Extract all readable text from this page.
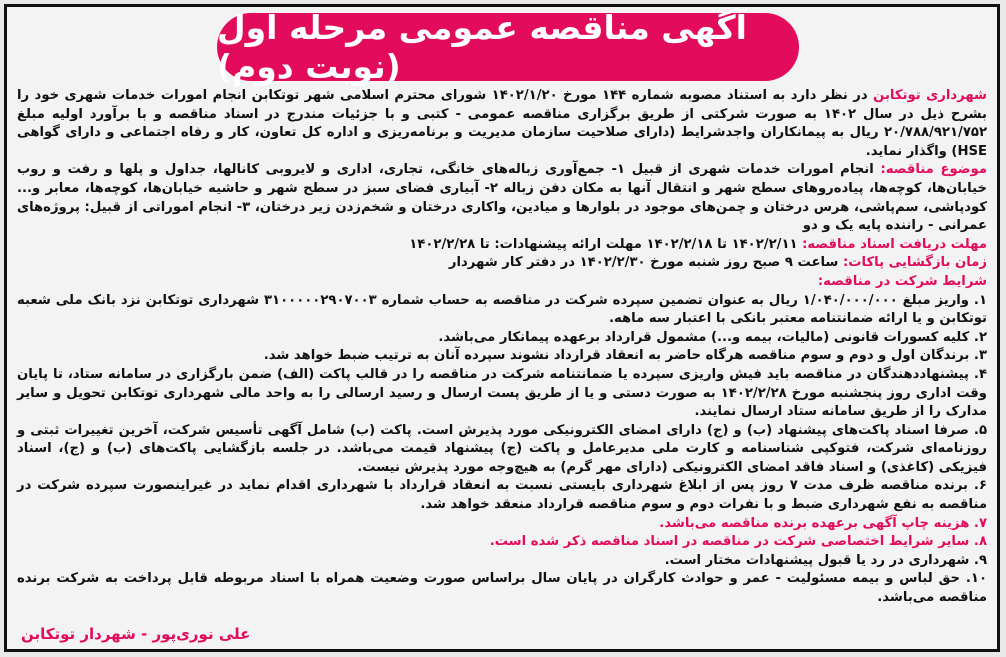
آگهی مناقصه عمومی مرحله اول (نوبت دوم)

شهرداری توتکابن در نظر دارد به استناد مصوبه شماره ۱۴۴ مورخ ۱۴۰۲/۱/۲۰ شورای محترم اسلامی شهر توتکابن انجام امورات خدمات شهری خود را بشرح ذیل در سال ۱۴۰۲ به صورت شرکتی از طریق برگزاری مناقصه عمومی - کتبی و با جزئیات مندرج در اسناد مناقصه و با برآورد اولیه مبلغ ۲۰/۷۸۸/۹۲۱/۷۵۲ ریال به پیمانکاران واجدشرایط (دارای صلاحیت سازمان مدیریت و برنامه‌ریزی و اداره کل تعاون، کار و رفاه اجتماعی و دارای گواهی HSE) واگذار نماید.

موضوع مناقصه: انجام امورات خدمات شهری از قبیل ۱- جمع‌آوری زباله‌های خانگی، تجاری، اداری و لایروبی کانالها، جداول و پلها و رفت و روب خیابان‌ها، کوچه‌ها، پیاده‌روهای سطح شهر و انتقال آنها به مکان دفن زباله ۲- آبیاری فضای سبز در سطح شهر و حاشیه خیابان‌ها، کوچه‌ها، معابر و... کودپاشی، سم‌پاشی، هرس درختان و چمن‌های موجود در بلوارها و میادین، واکاری درختان و شخم‌زدن زیر درختان، ۳- انجام اموراتی از قبیل: پروژه‌های عمرانی - راننده پایه یک و دو

مهلت دریافت اسناد مناقصه: ۱۴۰۲/۲/۱۱ تا ۱۴۰۲/۲/۱۸ مهلت ارائه پیشنهادات: تا ۱۴۰۲/۲/۲۸

زمان بازگشایی پاکات: ساعت ۹ صبح روز شنبه مورخ ۱۴۰۲/۲/۳۰ در دفتر کار شهردار

شرایط شرکت در مناقصه:

۱. واریز مبلغ ۱/۰۴۰/۰۰۰/۰۰۰ ریال به عنوان تضمین سپرده شرکت در مناقصه به حساب شماره ۳۱۰۰۰۰۰۲۹۰۷۰۰۳ شهرداری توتکابن نزد بانک ملی شعبه توتکابن و یا ارائه ضمانتنامه معتبر بانکی با اعتبار سه ماهه.

۲. کلیه کسورات قانونی (مالیات، بیمه و...) مشمول قرارداد برعهده پیمانکار می‌باشد.

۳. برندگان اول و دوم و سوم مناقصه هرگاه حاضر به انعقاد قرارداد نشوند سپرده آنان به ترتیب ضبط خواهد شد.

۴. پیشنهاددهندگان در مناقصه باید فیش واریزی سپرده یا ضمانتنامه شرکت در مناقصه را در قالب پاکت (الف) ضمن بارگزاری در سامانه ستاد، تا پایان وقت اداری روز پنجشنبه مورخ ۱۴۰۲/۲/۲۸ به صورت دستی و یا از طریق پست ارسال و رسید ارسالی را به واحد مالی شهرداری توتکابن تحویل و سایر مدارک را از طریق سامانه ستاد ارسال نمایند.

۵. صرفا اسناد پاکت‌های پیشنهاد (ب) و (ج) دارای امضای الکترونیکی مورد پذیرش است. پاکت (ب) شامل آگهی تأسیس شرکت، آخرین تغییرات ثبتی و روزنامه‌ای شرکت، فتوکپی شناسنامه و کارت ملی مدیرعامل و پاکت (ج) پیشنهاد قیمت می‌باشد. در جلسه بازگشایی پاکت‌های (ب) و (ج)، اسناد فیزیکی (کاغذی) و اسناد فاقد امضای الکترونیکی (دارای مهر گرم) به هیچ‌وجه مورد پذیرش نیست.

۶. برنده مناقصه ظرف مدت ۷ روز پس از ابلاغ شهرداری بایستی نسبت به انعقاد قرارداد با شهرداری اقدام نماید در غیراینصورت سپرده شرکت در مناقصه به نفع شهرداری ضبط و با نفرات دوم و سوم مناقصه قرارداد منعقد خواهد شد.

۷. هزینه چاپ آگهی برعهده برنده مناقصه می‌باشد.

۸. سایر شرایط اختصاصی شرکت در مناقصه در اسناد مناقصه ذکر شده است.

۹. شهرداری در رد یا قبول پیشنهادات مختار است.

۱۰. حق لباس و بیمه مسئولیت - عمر و حوادث کارگران در پایان سال براساس صورت وضعیت همراه با اسناد مربوطه قابل پرداخت به شرکت برنده مناقصه می‌باشد.

علی نوری‌پور - شهردار توتکابن
